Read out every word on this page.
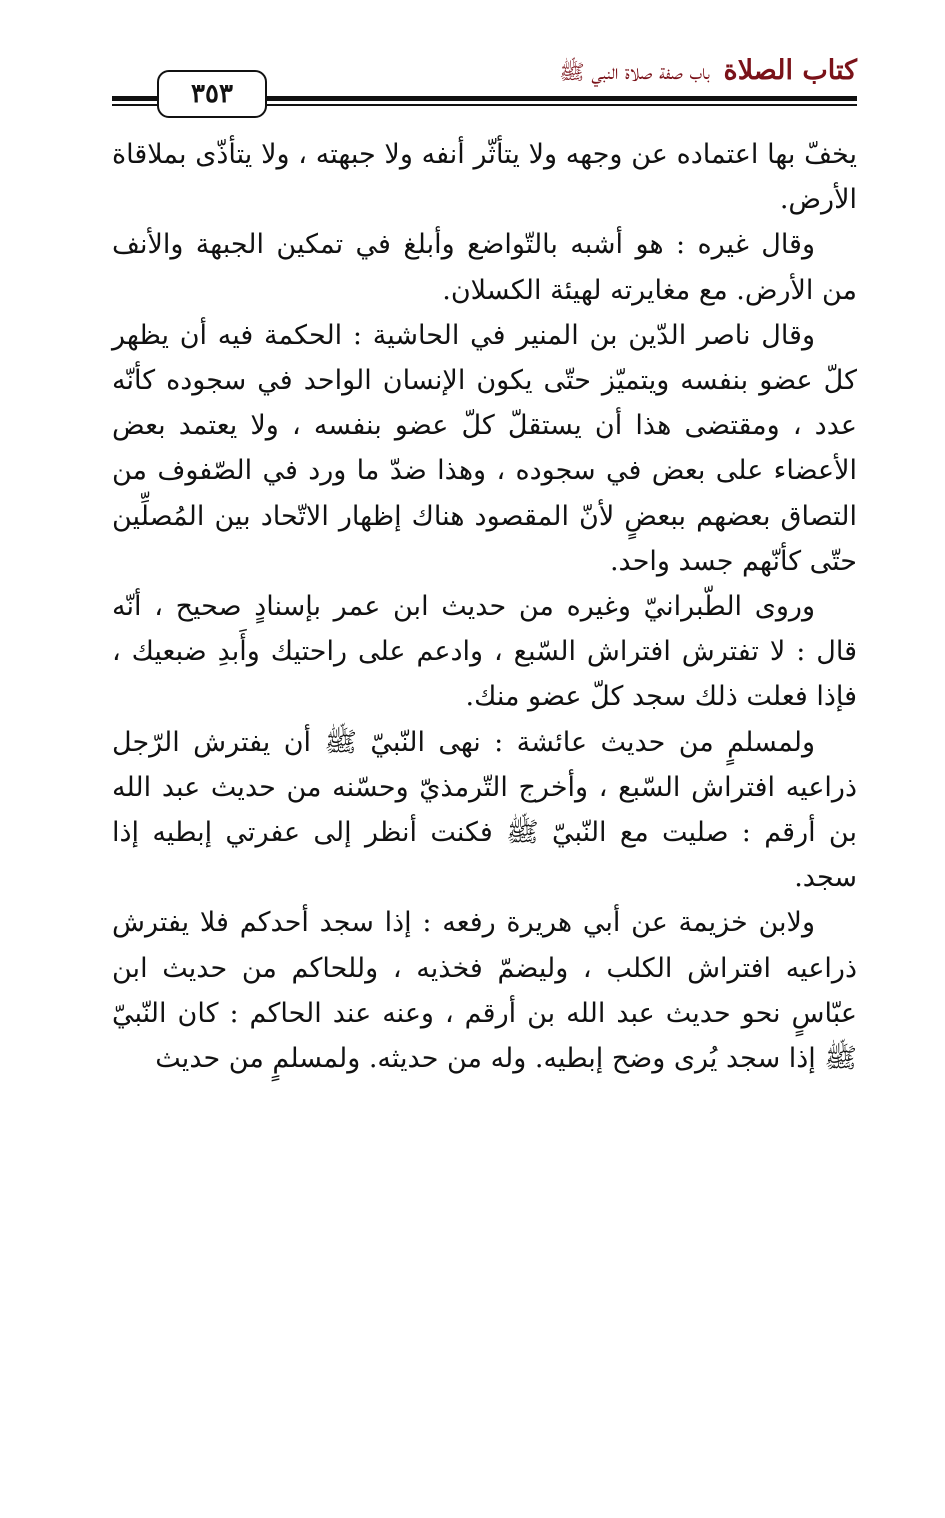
كتاب الصلاة باب صفة صلاة النبي ﷺ
٣٥٣

يخفّ بها اعتماده عن وجهه ولا يتأثّر أنفه ولا جبهته ، ولا يتأذّى بملاقاة الأرض.

وقال غيره : هو أشبه بالتّواضع وأبلغ في تمكين الجبهة والأنف من الأرض. مع مغايرته لهيئة الكسلان.

وقال ناصر الدّين بن المنير في الحاشية : الحكمة فيه أن يظهر كلّ عضو بنفسه ويتميّز حتّى يكون الإنسان الواحد في سجوده كأنّه عدد ، ومقتضى هذا أن يستقلّ كلّ عضو بنفسه ، ولا يعتمد بعض الأعضاء على بعض في سجوده ، وهذا ضدّ ما ورد في الصّفوف من التصاق بعضهم ببعضٍ لأنّ المقصود هناك إظهار الاتّحاد بين المُصلِّين حتّى كأنّهم جسد واحد.

وروى الطّبرانيّ وغيره من حديث ابن عمر بإسنادٍ صحيح ، أنّه قال : لا تفترش افتراش السّبع ، وادعم على راحتيك وأَبدِ ضبعيك ، فإذا فعلت ذلك سجد كلّ عضو منك.

ولمسلمٍ من حديث عائشة : نهى النّبيّ ﷺ أن يفترش الرّجل ذراعيه افتراش السّبع ، وأخرج التّرمذيّ وحسّنه من حديث عبد الله بن أرقم : صليت مع النّبيّ ﷺ فكنت أنظر إلى عفرتي إبطيه إذا سجد.

ولابن خزيمة عن أبي هريرة رفعه : إذا سجد أحدكم فلا يفترش ذراعيه افتراش الكلب ، وليضمّ فخذيه ، وللحاكم من حديث ابن عبّاسٍ نحو حديث عبد الله بن أرقم ، وعنه عند الحاكم : كان النّبيّ ﷺ إذا سجد يُرى وضح إبطيه. وله من حديثه. ولمسلمٍ من حديث
